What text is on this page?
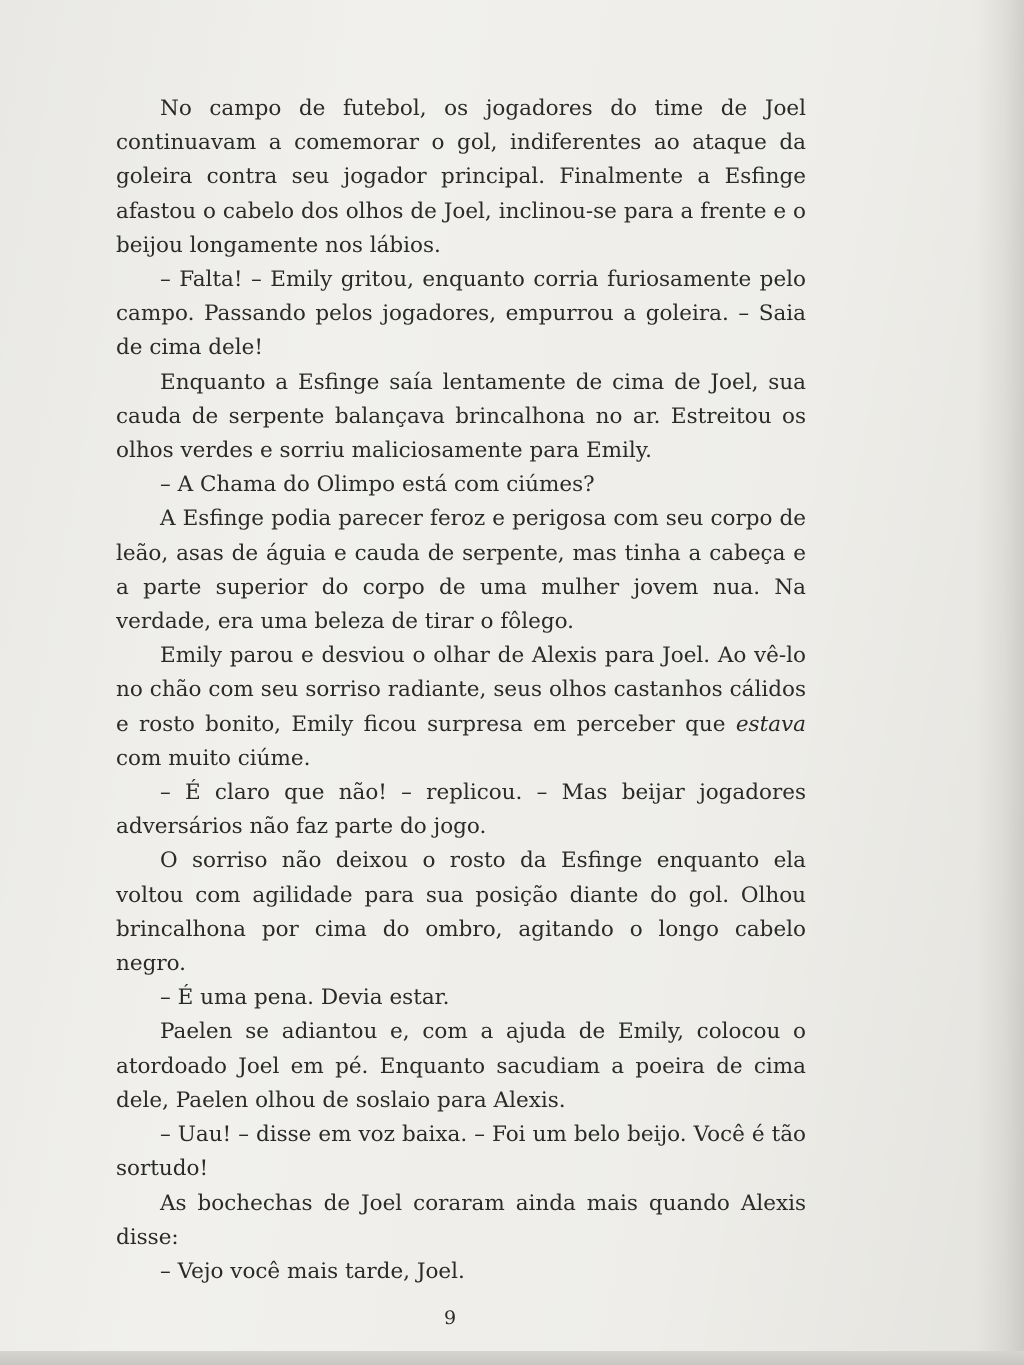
No campo de futebol, os jogadores do time de Joel continuavam a comemorar o gol, indiferentes ao ataque da goleira contra seu jogador principal. Finalmente a Esfinge afastou o cabelo dos olhos de Joel, inclinou-se para a frente e o beijou longamente nos lábios.

– Falta! – Emily gritou, enquanto corria furiosamente pelo campo. Passando pelos jogadores, empurrou a goleira. – Saia de cima dele!

Enquanto a Esfinge saía lentamente de cima de Joel, sua cauda de serpente balançava brincalhona no ar. Estreitou os olhos verdes e sorriu maliciosamente para Emily.

– A Chama do Olimpo está com ciúmes?

A Esfinge podia parecer feroz e perigosa com seu corpo de leão, asas de águia e cauda de serpente, mas tinha a cabeça e a parte superior do corpo de uma mulher jovem nua. Na verdade, era uma beleza de tirar o fôlego.

Emily parou e desviou o olhar de Alexis para Joel. Ao vê-lo no chão com seu sorriso radiante, seus olhos castanhos cálidos e rosto bonito, Emily ficou surpresa em perceber que estava com muito ciúme.

– É claro que não! – replicou. – Mas beijar jogadores adversários não faz parte do jogo.

O sorriso não deixou o rosto da Esfinge enquanto ela voltou com agilidade para sua posição diante do gol. Olhou brincalhona por cima do ombro, agitando o longo cabelo negro.

– É uma pena. Devia estar.

Paelen se adiantou e, com a ajuda de Emily, colocou o atordoado Joel em pé. Enquanto sacudiam a poeira de cima dele, Paelen olhou de soslaio para Alexis.

– Uau! – disse em voz baixa. – Foi um belo beijo. Você é tão sortudo!

As bochechas de Joel coraram ainda mais quando Alexis disse:

– Vejo você mais tarde, Joel.

9
